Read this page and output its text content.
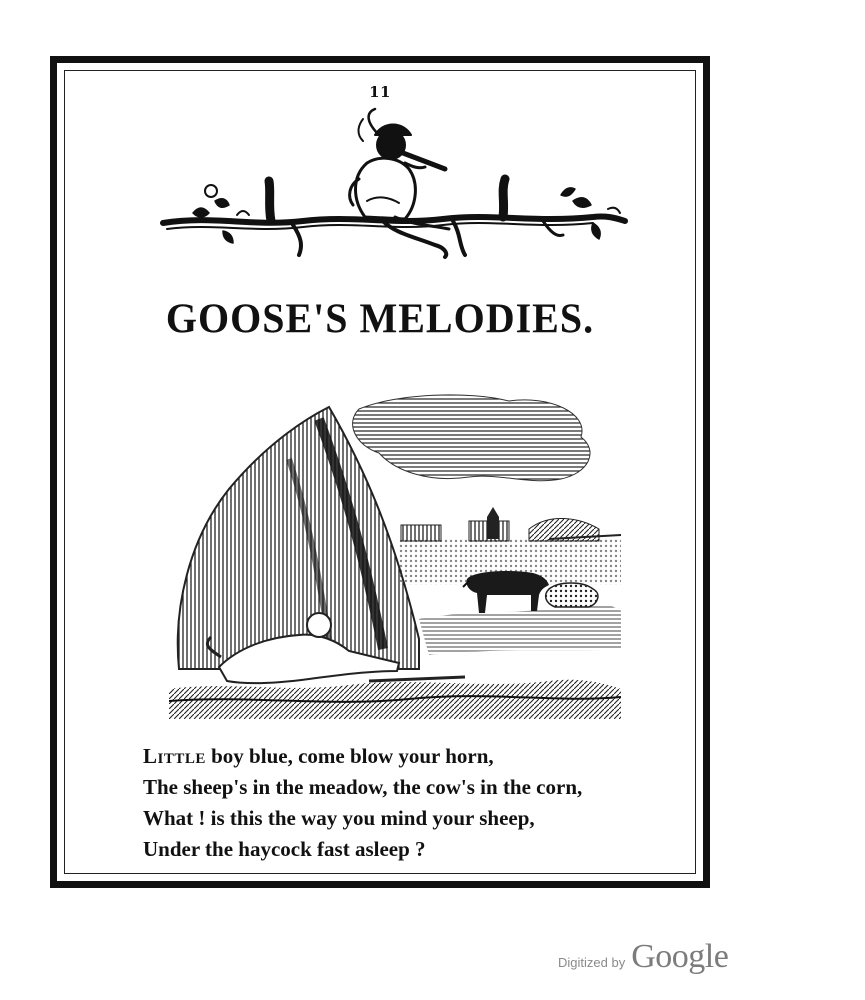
11
GOOSE'S MELODIES.
Little boy blue, come blow your horn,
The sheep's in the meadow, the cow's in the corn,
What ! is this the way you mind your sheep,
Under the haycock fast asleep ?
Digitized by Google
